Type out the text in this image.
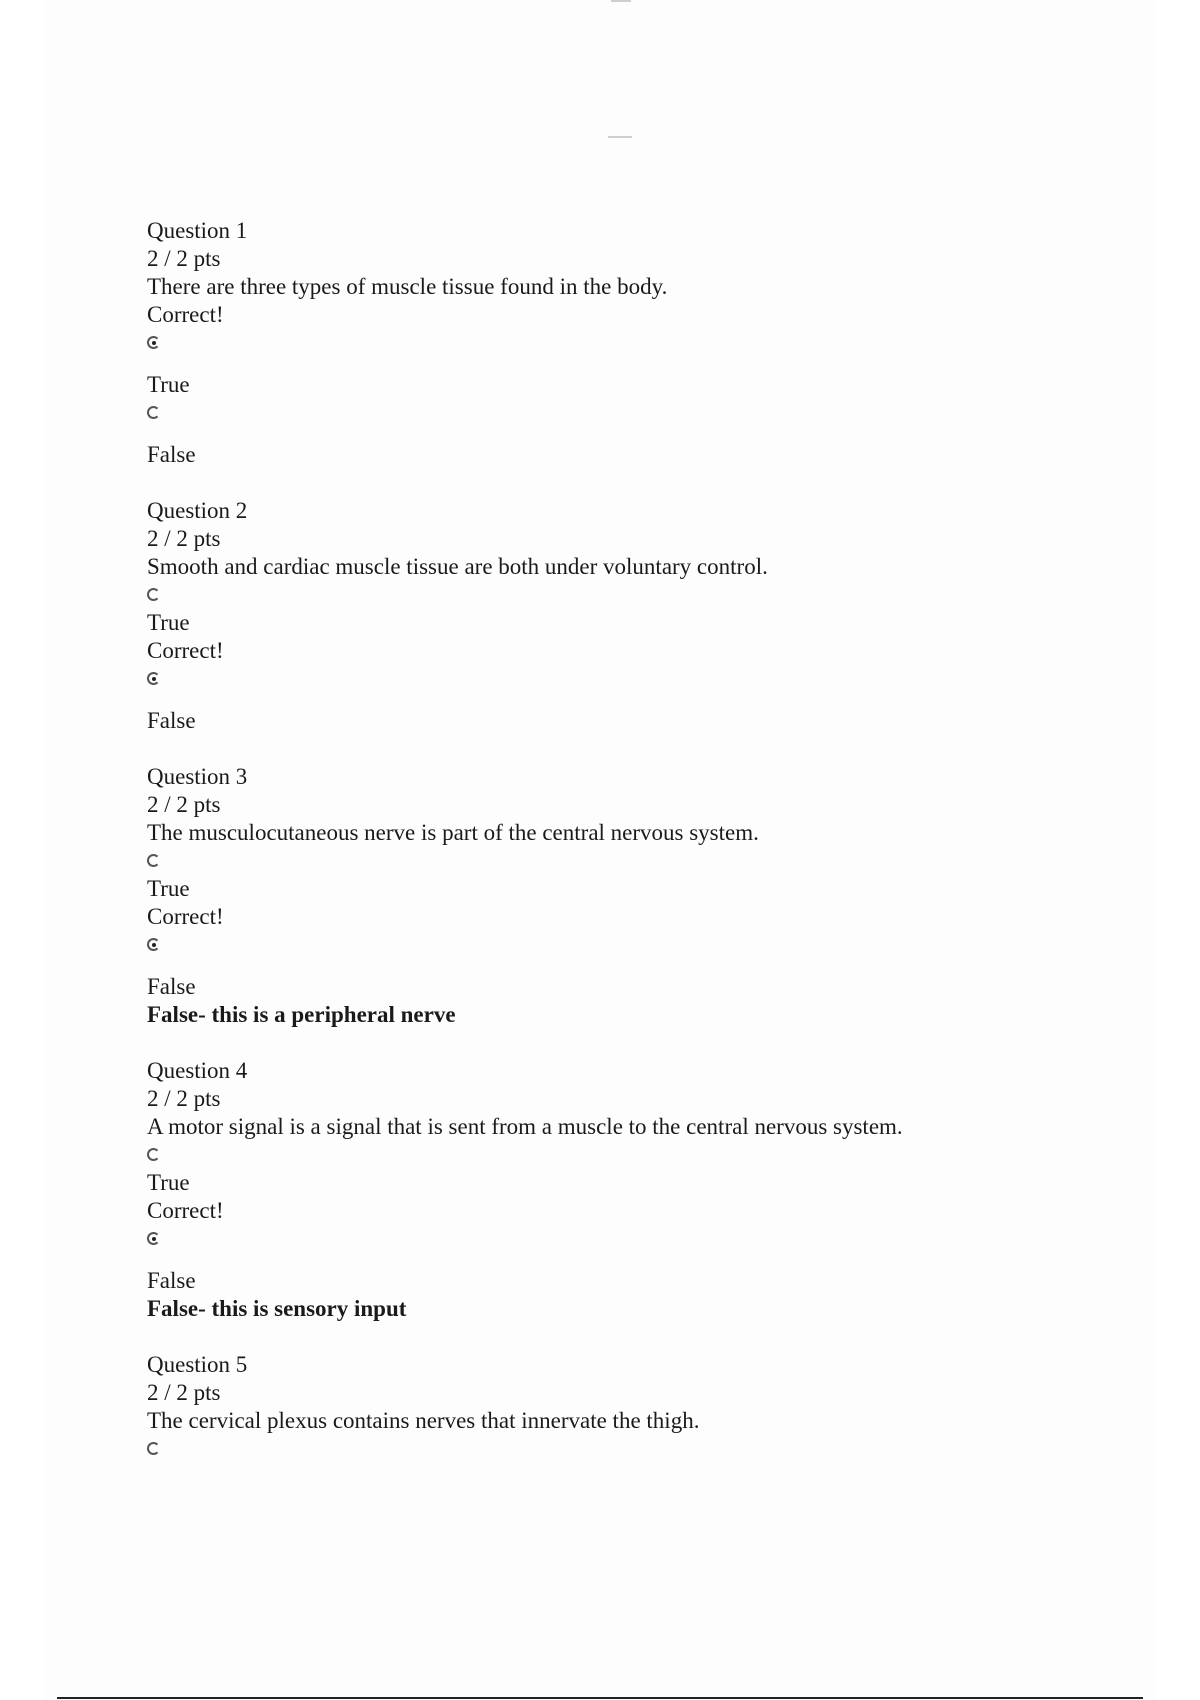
Question 1
2 / 2 pts
There are three types of muscle tissue found in the body.
Correct!
True
False
Question 2
2 / 2 pts
Smooth and cardiac muscle tissue are both under voluntary control.
True
Correct!
False
Question 3
2 / 2 pts
The musculocutaneous nerve is part of the central nervous system.
True
Correct!
False
False- this is a peripheral nerve
Question 4
2 / 2 pts
A motor signal is a signal that is sent from a muscle to the central nervous system.
True
Correct!
False
False- this is sensory input
Question 5
2 / 2 pts
The cervical plexus contains nerves that innervate the thigh.
